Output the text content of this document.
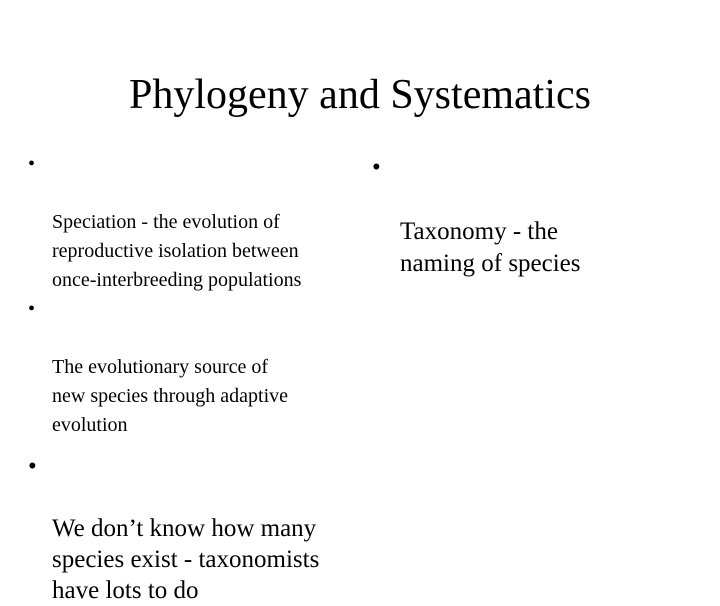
Phylogeny and Systematics

•

Speciation - the evolution of
reproductive isolation between
once-interbreeding populations

•

The evolutionary source of
new species through adaptive
evolution

•

We don’t know how many
species exist - taxonomists
have lots to do

•

Taxonomy - the
naming of species
